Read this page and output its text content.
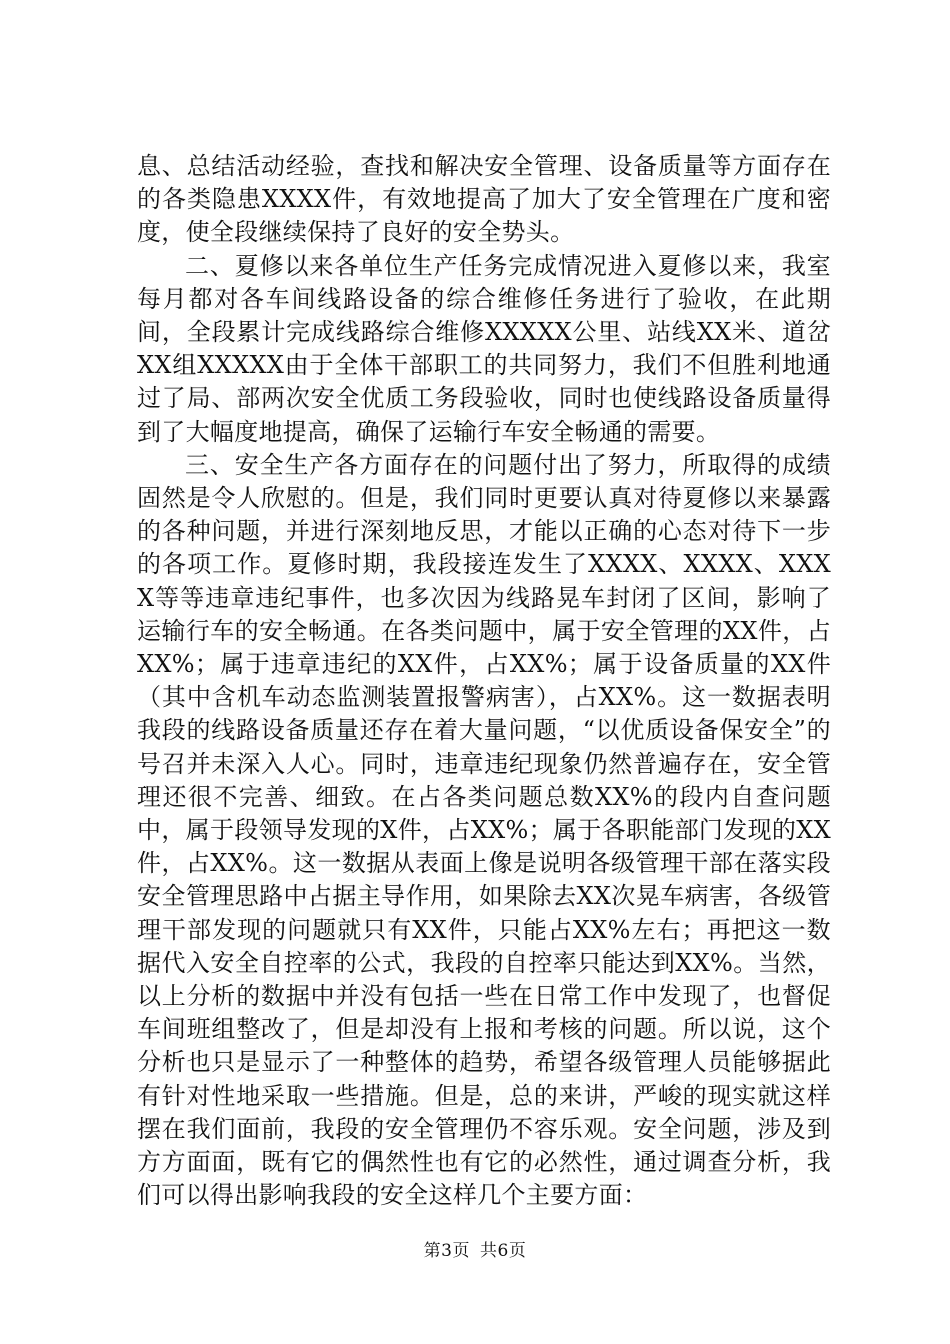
息、总结活动经验，查找和解决安全管理、设备质量等方面存在的各类隐患XXXX件，有效地提高了加大了安全管理在广度和密度，使全段继续保持了良好的安全势头。

二、夏修以来各单位生产任务完成情况进入夏修以来，我室每月都对各车间线路设备的综合维修任务进行了验收，在此期间，全段累计完成线路综合维修XXXXX公里、站线XX米、道岔XX组XXXXX由于全体干部职工的共同努力，我们不但胜利地通过了局、部两次安全优质工务段验收，同时也使线路设备质量得到了大幅度地提高，确保了运输行车安全畅通的需要。

三、安全生产各方面存在的问题付出了努力，所取得的成绩固然是令人欣慰的。但是，我们同时更要认真对待夏修以来暴露的各种问题，并进行深刻地反思，才能以正确的心态对待下一步的各项工作。夏修时期，我段接连发生了XXXX、XXXX、XXXX等等违章违纪事件，也多次因为线路晃车封闭了区间，影响了运输行车的安全畅通。在各类问题中，属于安全管理的XX件，占XX%；属于违章违纪的XX件，占XX%；属于设备质量的XX件（其中含机车动态监测装置报警病害），占XX%。这一数据表明我段的线路设备质量还存在着大量问题，“以优质设备保安全”的号召并未深入人心。同时，违章违纪现象仍然普遍存在，安全管理还很不完善、细致。在占各类问题总数XX%的段内自查问题中，属于段领导发现的X件，占XX%；属于各职能部门发现的XX件，占XX%。这一数据从表面上像是说明各级管理干部在落实段安全管理思路中占据主导作用，如果除去XX次晃车病害，各级管理干部发现的问题就只有XX件，只能占XX%左右；再把这一数据代入安全自控率的公式，我段的自控率只能达到XX%。当然，以上分析的数据中并没有包括一些在日常工作中发现了，也督促车间班组整改了，但是却没有上报和考核的问题。所以说，这个分析也只是显示了一种整体的趋势，希望各级管理人员能够据此有针对性地采取一些措施。但是，总的来讲，严峻的现实就这样摆在我们面前，我段的安全管理仍不容乐观。安全问题，涉及到方方面面，既有它的偶然性也有它的必然性，通过调查分析，我们可以得出影响我段的安全这样几个主要方面：

第3页 共6页
